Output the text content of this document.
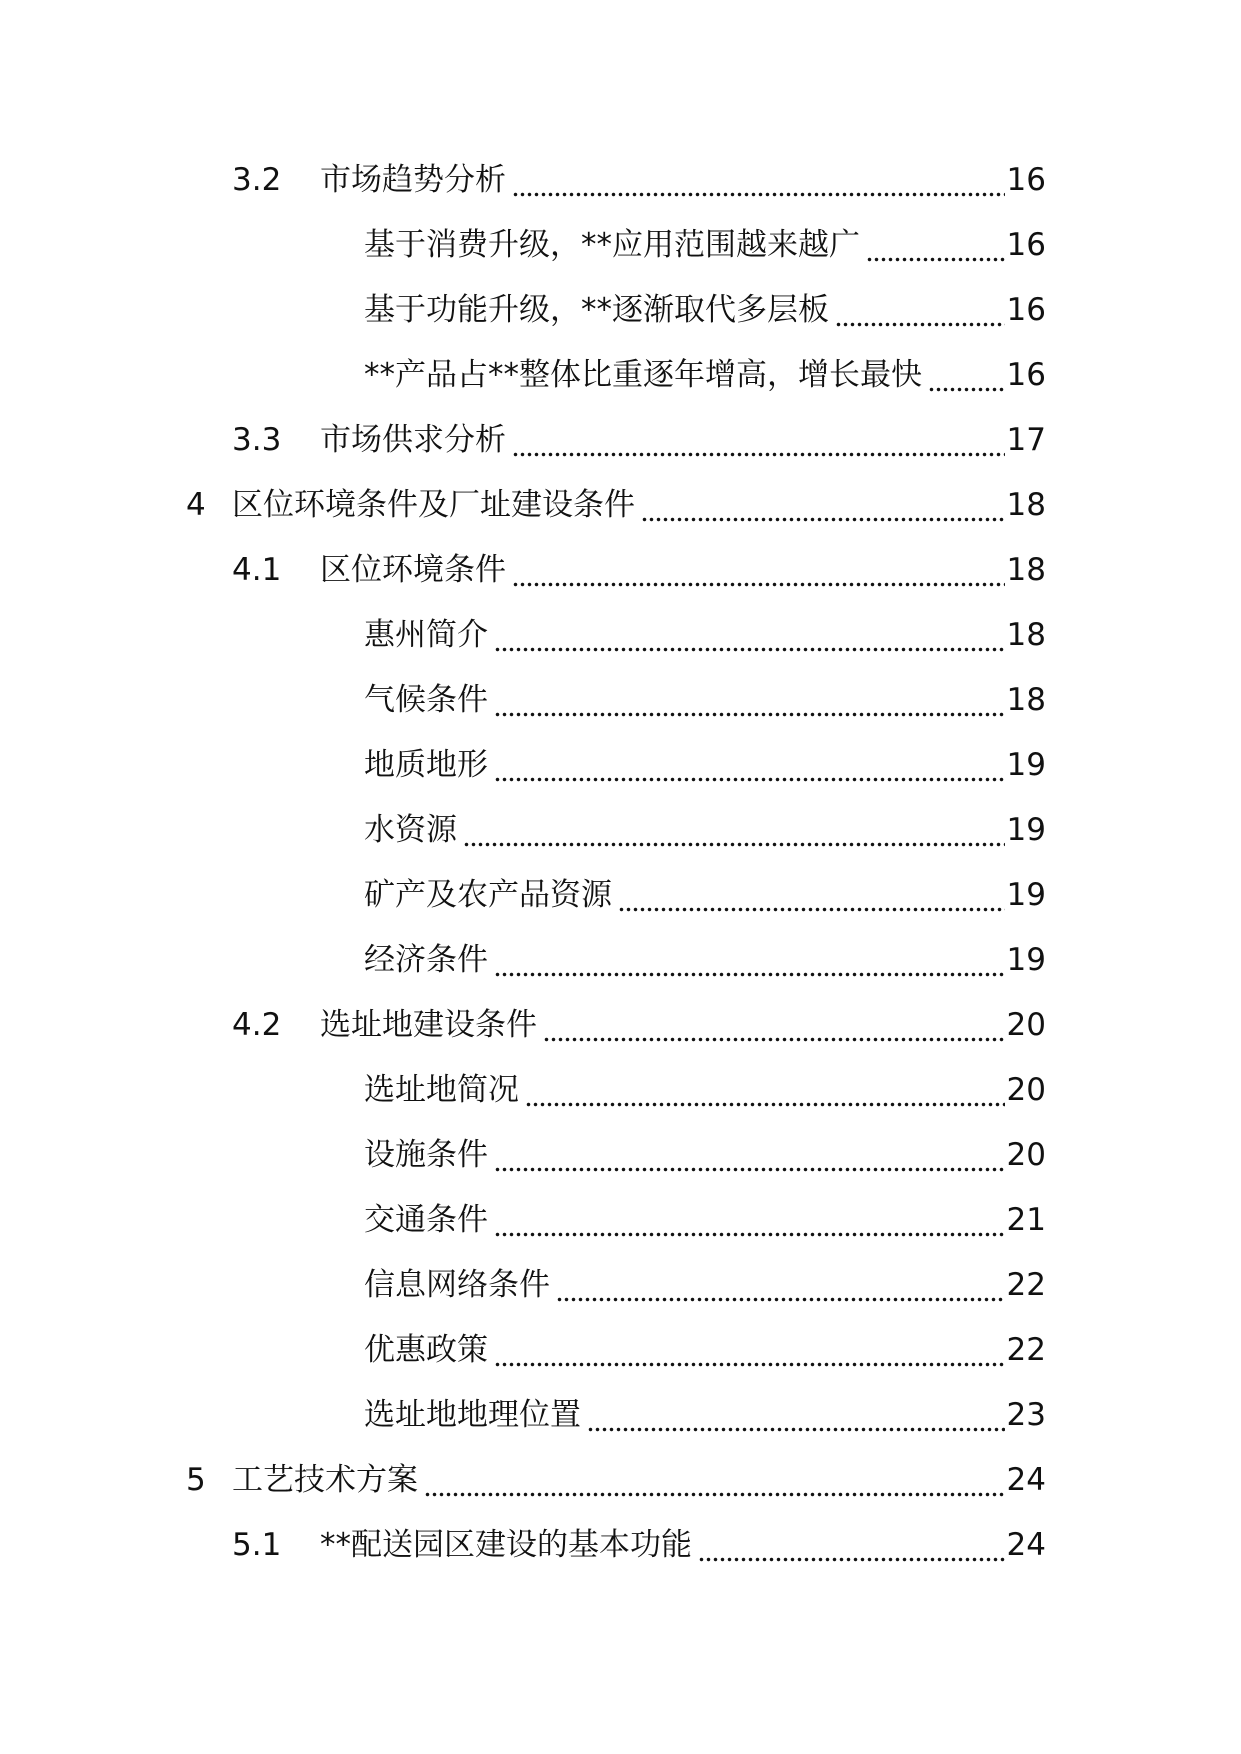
3.2	市场趋势分析	16
基于消费升级，**应用范围越来越广	16
基于功能升级，**逐渐取代多层板	16
**产品占**整体比重逐年增高，增长最快	16
3.3	市场供求分析	17
4 区位环境条件及厂址建设条件	18
4.1	区位环境条件	18
惠州简介	18
气候条件	18
地质地形	19
水资源	19
矿产及农产品资源	19
经济条件	19
4.2	选址地建设条件	20
选址地简况	20
设施条件	20
交通条件	21
信息网络条件	22
优惠政策	22
选址地地理位置	23
5 工艺技术方案	24
5.1	**配送园区建设的基本功能	24
